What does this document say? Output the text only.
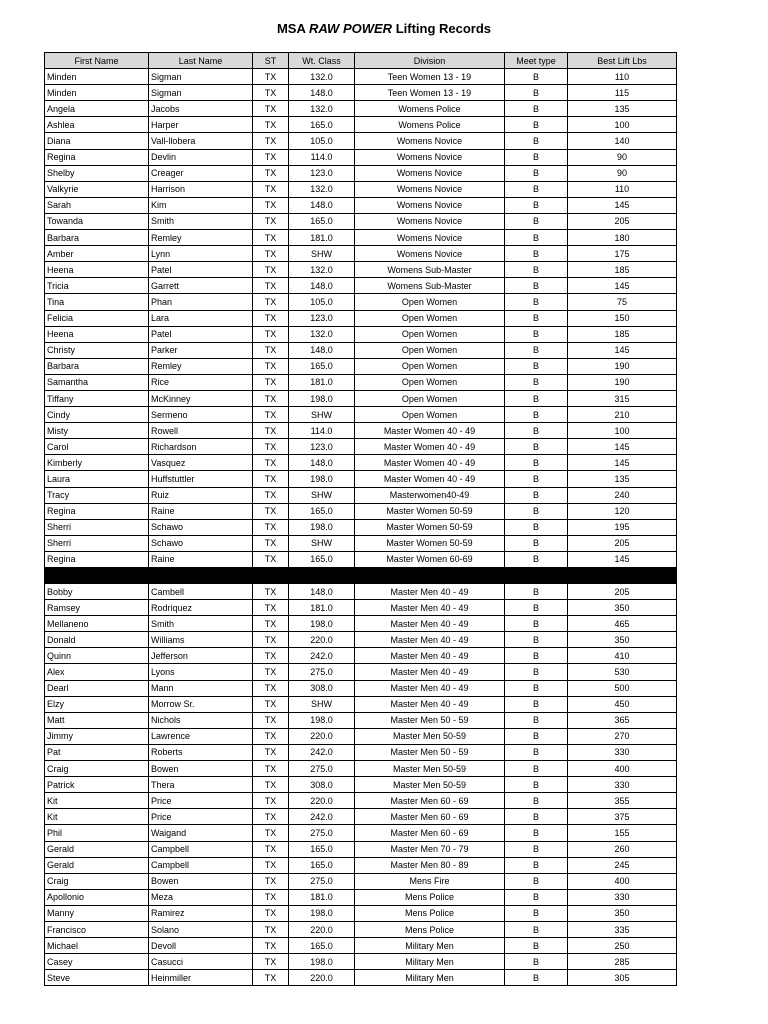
MSA RAW POWER Lifting Records
First Name	Last Name	ST	Wt. Class	Division	Meet type	Best Lift Lbs
Minden	Sigman	TX	132.0	Teen Women 13 - 19	B	110
Minden	Sigman	TX	148.0	Teen Women 13 - 19	B	115
Angela	Jacobs	TX	132.0	Womens Police	B	135
Ashlea	Harper	TX	165.0	Womens Police	B	100
Diana	Vall-llobera	TX	105.0	Womens Novice	B	140
Regina	Devlin	TX	114.0	Womens Novice	B	90
Shelby	Creager	TX	123.0	Womens Novice	B	90
Valkyrie	Harrison	TX	132.0	Womens Novice	B	110
Sarah	Kim	TX	148.0	Womens Novice	B	145
Towanda	Smith	TX	165.0	Womens Novice	B	205
Barbara	Remley	TX	181.0	Womens Novice	B	180
Amber	Lynn	TX	SHW	Womens Novice	B	175
Heena	Patel	TX	132.0	Womens Sub-Master	B	185
Tricia	Garrett	TX	148.0	Womens Sub-Master	B	145
Tina	Phan	TX	105.0	Open Women	B	75
Felicia	Lara	TX	123.0	Open Women	B	150
Heena	Patel	TX	132.0	Open Women	B	185
Christy	Parker	TX	148.0	Open Women	B	145
Barbara	Remley	TX	165.0	Open Women	B	190
Samantha	Rice	TX	181.0	Open Women	B	190
Tiffany	McKinney	TX	198.0	Open Women	B	315
Cindy	Sermeno	TX	SHW	Open Women	B	210
Misty	Rowell	TX	114.0	Master Women 40 - 49	B	100
Carol	Richardson	TX	123.0	Master Women 40 - 49	B	145
Kimberly	Vasquez	TX	148.0	Master Women 40 - 49	B	145
Laura	Huffstuttler	TX	198.0	Master Women 40 - 49	B	135
Tracy	Ruiz	TX	SHW	Masterwomen40-49	B	240
Regina	Raine	TX	165.0	Master Women 50-59	B	120
Sherri	Schawo	TX	198.0	Master Women 50-59	B	195
Sherri	Schawo	TX	SHW	Master Women 50-59	B	205
Regina	Raine	TX	165.0	Master Women 60-69	B	145

Bobby	Cambell	TX	148.0	Master Men 40 - 49	B	205
Ramsey	Rodriquez	TX	181.0	Master Men 40 - 49	B	350
Mellaneno	Smith	TX	198.0	Master Men 40 - 49	B	465
Donald	Williams	TX	220.0	Master Men 40 - 49	B	350
Quinn	Jefferson	TX	242.0	Master Men 40 - 49	B	410
Alex	Lyons	TX	275.0	Master Men 40 - 49	B	530
Dearl	Mann	TX	308.0	Master Men 40 - 49	B	500
Elzy	Morrow Sr.	TX	SHW	Master Men 40 - 49	B	450
Matt	Nichols	TX	198.0	Master Men 50 - 59	B	365
Jimmy	Lawrence	TX	220.0	Master Men 50-59	B	270
Pat	Roberts	TX	242.0	Master Men 50 - 59	B	330
Craig	Bowen	TX	275.0	Master Men 50-59	B	400
Patrick	Thera	TX	308.0	Master Men 50-59	B	330
Kit	Price	TX	220.0	Master Men 60 - 69	B	355
Kit	Price	TX	242.0	Master Men 60 - 69	B	375
Phil	Waigand	TX	275.0	Master Men 60 - 69	B	155
Gerald	Campbell	TX	165.0	Master Men 70 - 79	B	260
Gerald	Campbell	TX	165.0	Master Men 80 - 89	B	245
Craig	Bowen	TX	275.0	Mens Fire	B	400
Apollonio	Meza	TX	181.0	Mens Police	B	330
Manny	Ramirez	TX	198.0	Mens Police	B	350
Francisco	Solano	TX	220.0	Mens Police	B	335
Michael	Devoll	TX	165.0	Military Men	B	250
Casey	Casucci	TX	198.0	Military Men	B	285
Steve	Heinmiller	TX	220.0	Military Men	B	305
